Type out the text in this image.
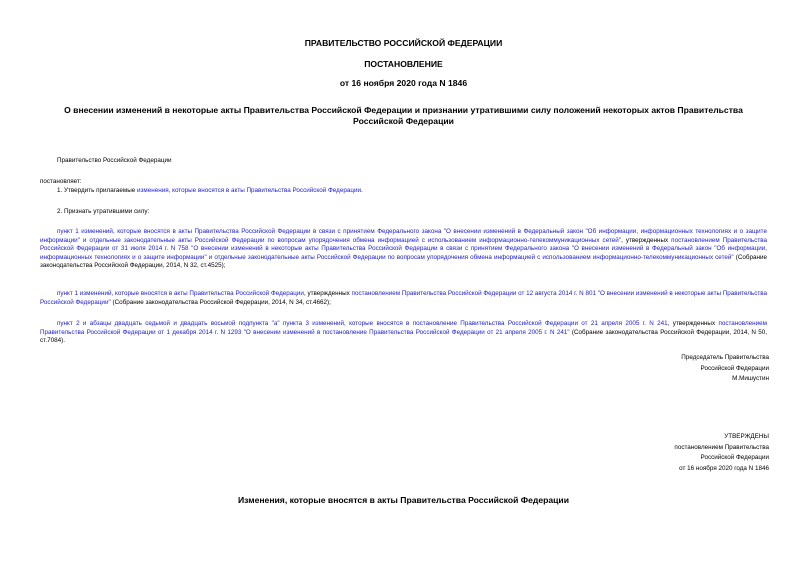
ПРАВИТЕЛЬСТВО РОССИЙСКОЙ ФЕДЕРАЦИИ
ПОСТАНОВЛЕНИЕ
от 16 ноября 2020 года N 1846
О внесении изменений в некоторые акты Правительства Российской Федерации и признании утратившими силу положений некоторых актов Правительства Российской Федерации
Правительство Российской Федерации
постановляет:
1. Утвердить прилагаемые изменения, которые вносятся в акты Правительства Российской Федерации.
2. Признать утратившими силу:
пункт 1 изменений, которые вносятся в акты Правительства Российской Федерации в связи с принятием Федерального закона "О внесении изменений в Федеральный закон "Об информации, информационных технологиях и о защите информации" и отдельные законодательные акты Российской Федерации по вопросам упорядочения обмена информацией с использованием информационно-телекоммуникационных сетей", утвержденных постановлением Правительства Российской Федерации от 31 июля 2014 г. N 758 "О внесении изменений в некоторые акты Правительства Российской Федерации в связи с принятием Федерального закона "О внесении изменений в Федеральный закон "Об информации, информационных технологиях и о защите информации" и отдельные законодательные акты Российской Федерации по вопросам упорядочения обмена информацией с использованием информационно-телекоммуникационных сетей" (Собрание законодательства Российской Федерации, 2014, N 32, ст.4525);
пункт 1 изменений, которые вносятся в акты Правительства Российской Федерации, утвержденных постановлением Правительства Российской Федерации от 12 августа 2014 г. N 801 "О внесении изменений в некоторые акты Правительства Российской Федерации" (Собрание законодательства Российской Федерации, 2014, N 34, ст.4662);
пункт 2 и абзацы двадцать седьмой и двадцать восьмой подпункта "а" пункта 3 изменений, которые вносятся в постановление Правительства Российской Федерации от 21 апреля 2005 г. N 241, утвержденных постановлением Правительства Российской Федерации от 1 декабря 2014 г. N 1293 "О внесении изменений в постановление Правительства Российской Федерации от 21 апреля 2005 г. N 241" (Собрание законодательства Российской Федерации, 2014, N 50, ст.7084).
Председатель Правительства
Российской Федерации
М.Мишустин
УТВЕРЖДЕНЫ
постановлением Правительства
Российской Федерации
от 16 ноября 2020 года N 1846
Изменения, которые вносятся в акты Правительства Российской Федерации
